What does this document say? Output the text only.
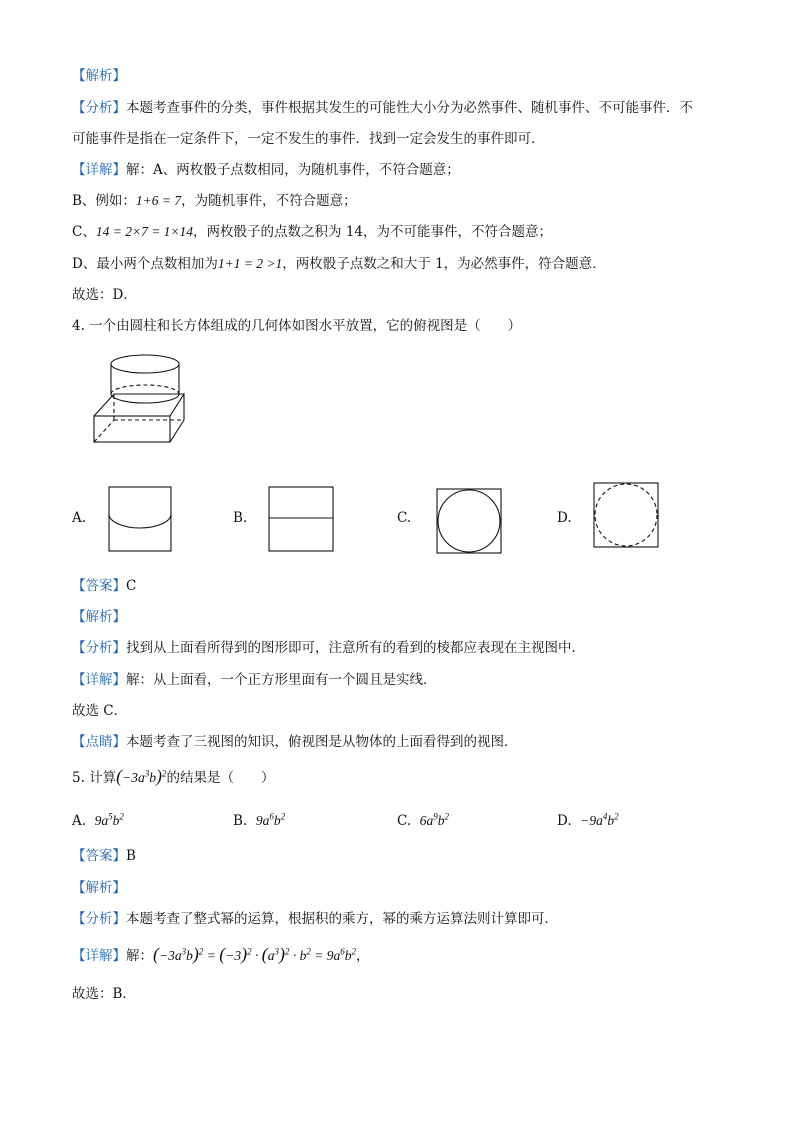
【解析】
【分析】本题考查事件的分类，事件根据其发生的可能性大小分为必然事件、随机事件、不可能事件．不
可能事件是指在一定条件下，一定不发生的事件．找到一定会发生的事件即可．
【详解】解：A、两枚骰子点数相同，为随机事件，不符合题意；
B、例如：1+6 = 7，为随机事件，不符合题意；
C、14 = 2×7 = 1×14，两枚骰子的点数之积为 14，为不可能事件，不符合题意；
D、最小两个点数相加为1+1 = 2 >1，两枚骰子点数之和大于 1，为必然事件，符合题意．
故选：D．
4. 一个由圆柱和长方体组成的几何体如图水平放置，它的俯视图是（　　）
A.	B.	C.	D.
【答案】C
【解析】
【分析】找到从上面看所得到的图形即可，注意所有的看到的棱都应表现在主视图中．
【详解】解：从上面看，一个正方形里面有一个圆且是实线．
故选 C．
【点睛】本题考查了三视图的知识，俯视图是从物体的上面看得到的视图．
5. 计算$(-3a^3b)^2$的结果是（　　）
A. $9a^5b^2$	B. $9a^6b^2$	C. $6a^9b^2$	D. $-9a^4b^2$
【答案】B
【解析】
【分析】本题考查了整式幂的运算，根据积的乘方，幂的乘方运算法则计算即可．
【详解】解：$(-3a^3b)^2 = (-3)^2 \cdot (a^3)^2 \cdot b^2 = 9a^6b^2$，
故选：B．
